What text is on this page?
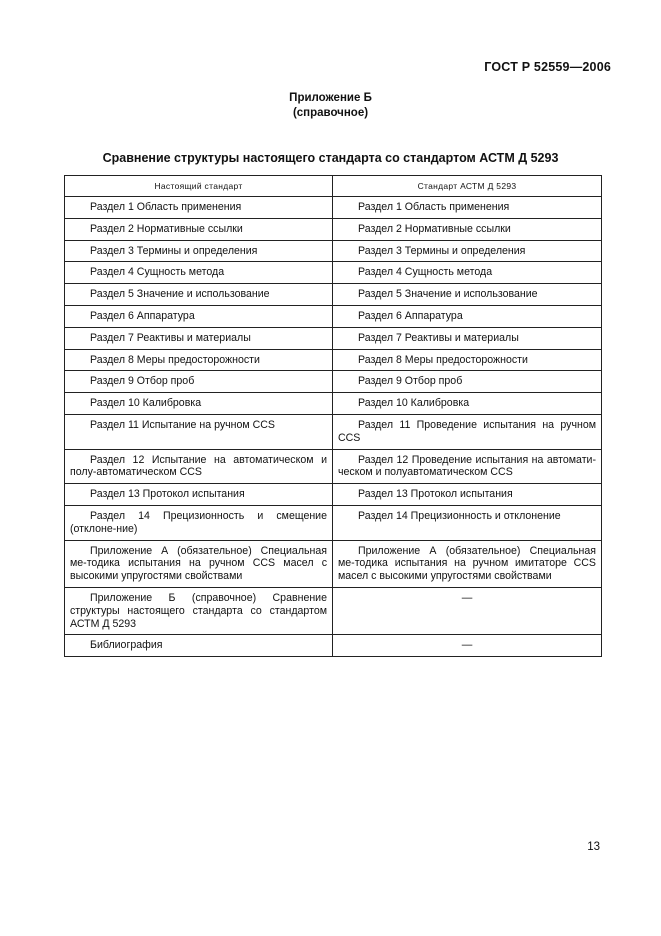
ГОСТ Р 52559—2006
Приложение Б
(справочное)
Сравнение структуры настоящего стандарта со стандартом АСТМ Д 5293
Настоящий стандарт	Стандарт АСТМ Д 5293
Раздел 1 Область применения	Раздел 1 Область применения
Раздел 2 Нормативные ссылки	Раздел 2 Нормативные ссылки
Раздел 3 Термины и определения	Раздел 3 Термины и определения
Раздел 4 Сущность метода	Раздел 4 Сущность метода
Раздел 5 Значение и использование	Раздел 5 Значение и использование
Раздел 6 Аппаратура	Раздел 6 Аппаратура
Раздел 7 Реактивы и материалы	Раздел 7 Реактивы и материалы
Раздел 8 Меры предосторожности	Раздел 8 Меры предосторожности
Раздел 9 Отбор проб	Раздел 9 Отбор проб
Раздел 10 Калибровка	Раздел 10 Калибровка
Раздел 11 Испытание на ручном CCS	Раздел 11 Проведение испытания на ручном CCS
Раздел 12 Испытание на автоматическом и полу-автоматическом CCS	Раздел 12 Проведение испытания на автомати-ческом и полуавтоматическом CCS
Раздел 13 Протокол испытания	Раздел 13 Протокол испытания
Раздел 14 Прецизионность и смещение (отклоне-ние)	Раздел 14 Прецизионность и отклонение
Приложение А (обязательное) Специальная ме-тодика испытания на ручном CCS масел с высокими упругостями свойствами	Приложение А (обязательное) Специальная ме-тодика испытания на ручном имитаторе CCS масел с высокими упругостями свойствами
Приложение Б (справочное) Сравнение структуры настоящего стандарта со стандартом АСТМ Д 5293	—
Библиография	—
13
